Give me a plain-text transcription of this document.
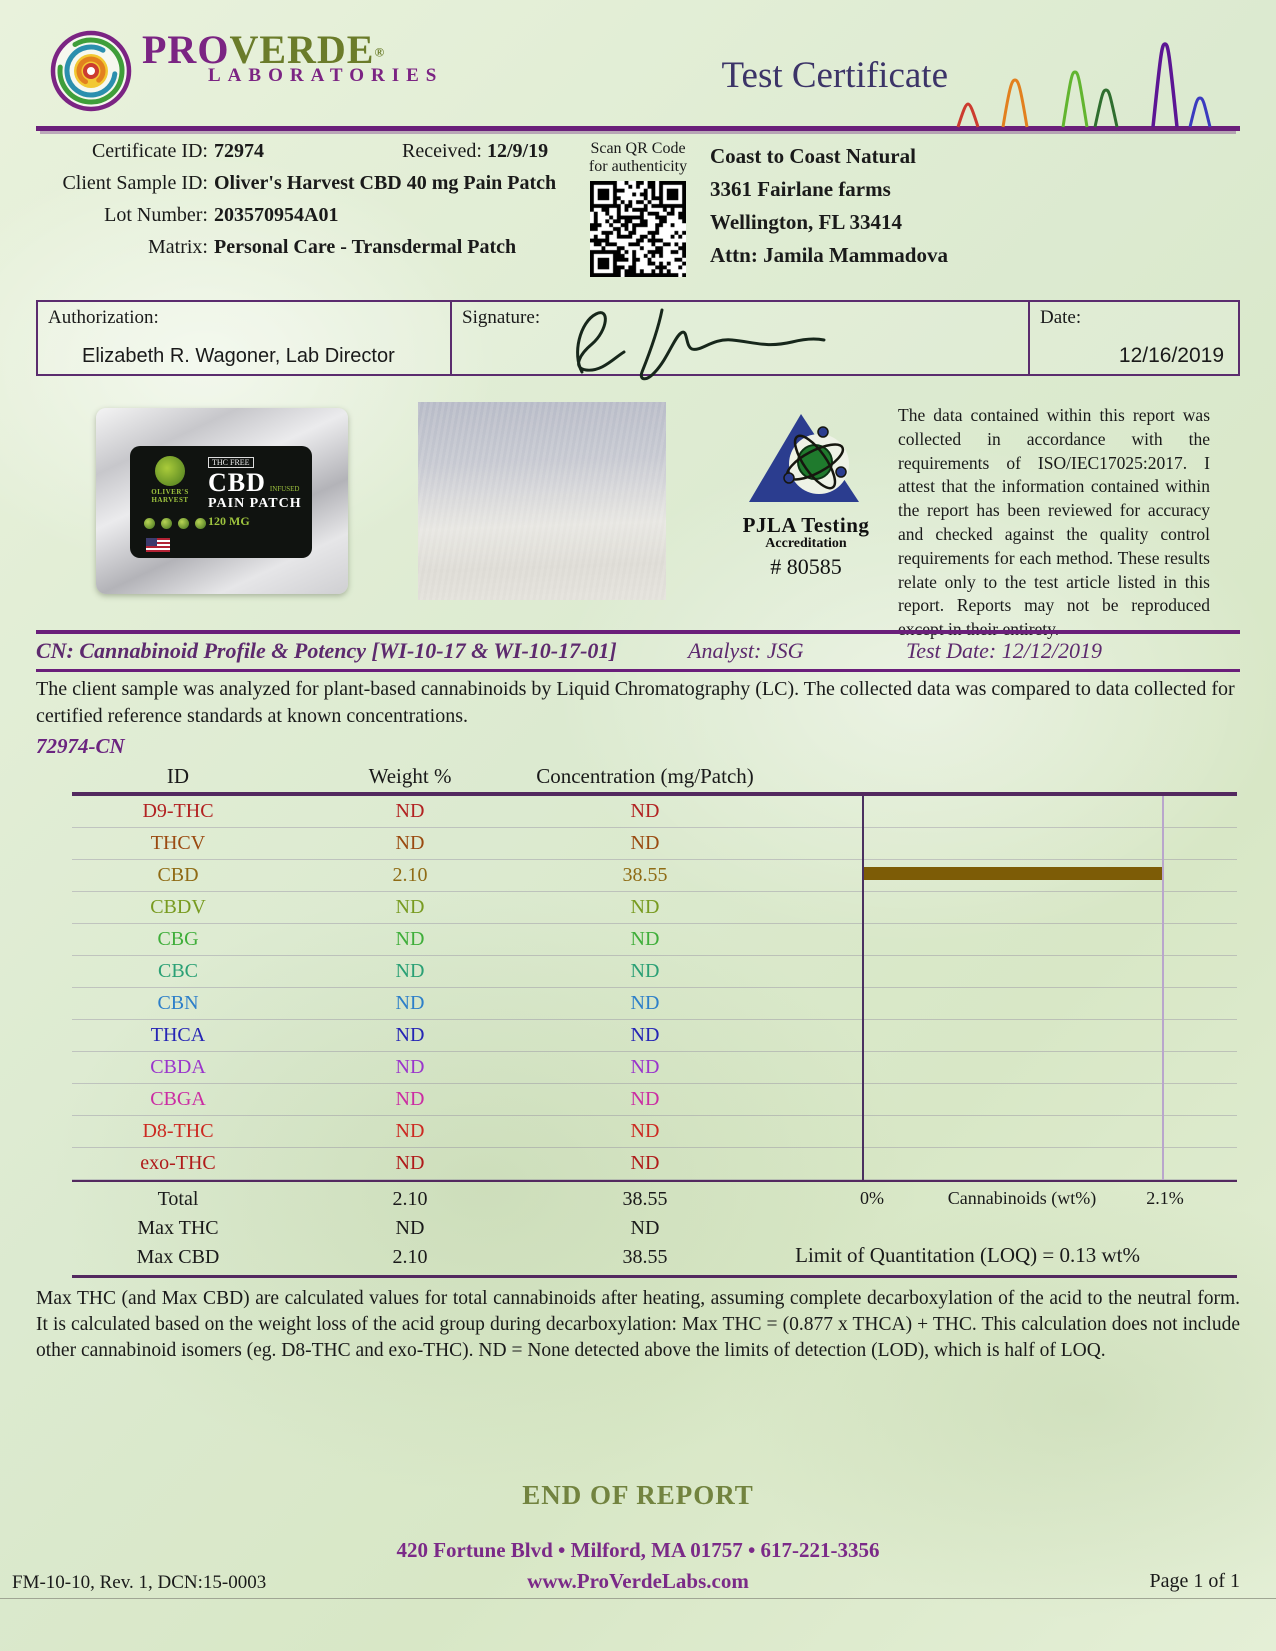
PROVERDE®
LABORATORIES	Test Certificate
Certificate ID: 72974
Client Sample ID: Oliver's Harvest CBD 40 mg Pain Patch
Lot Number: 203570954A01
Matrix: Personal Care - Transdermal Patch
Received: 12/9/19	Scan QR Code
for authenticity	Coast to Coast Natural
3361 Fairlane farms
Wellington, FL 33414
Attn: Jamila Mammadova
Authorization:
Elizabeth R. Wagoner, Lab Director
Signature:	Date:
12/16/2019
OLIVER'S HARVEST
THC FREE
CBD INFUSED
PAIN PATCH
120 MG	PJLA Testing
Accreditation
# 80585
The data contained within this report was collected in accordance with the requirements of ISO/IEC17025:2017. I attest that the information contained within the report has been reviewed for accuracy and checked against the quality control requirements for each method. These results relate only to the test article listed in this report. Reports may not be reproduced except in their entirety.
CN: Cannabinoid Profile & Potency [WI-10-17 & WI-10-17-01]	Analyst: JSG	Test Date: 12/12/2019
The client sample was analyzed for plant-based cannabinoids by Liquid Chromatography (LC). The collected data was compared to data collected for certified reference standards at known concentrations.
72974-CN
ID	Weight %	Concentration (mg/Patch)
D9-THC	ND	ND
THCV	ND	ND
CBD	2.10	38.55
CBDV	ND	ND
CBG	ND	ND
CBC	ND	ND
CBN	ND	ND
THCA	ND	ND
CBDA	ND	ND
CBGA	ND	ND
D8-THC	ND	ND
exo-THC	ND	ND
0%	Cannabinoids (wt%)	2.1%
Total	2.10	38.55
Max THC	ND	ND
Max CBD	2.10	38.55	Limit of Quantitation (LOQ) = 0.13 wt%
Max THC (and Max CBD) are calculated values for total cannabinoids after heating, assuming complete decarboxylation of the acid to the neutral form. It is calculated based on the weight loss of the acid group during decarboxylation: Max THC = (0.877 x THCA) + THC. This calculation does not include other cannabinoid isomers (eg. D8-THC and exo-THC). ND = None detected above the limits of detection (LOD), which is half of LOQ.
END OF REPORT
420 Fortune Blvd • Milford, MA 01757 • 617-221-3356
www.ProVerdeLabs.com
FM-10-10, Rev. 1, DCN:15-0003	Page 1 of 1
